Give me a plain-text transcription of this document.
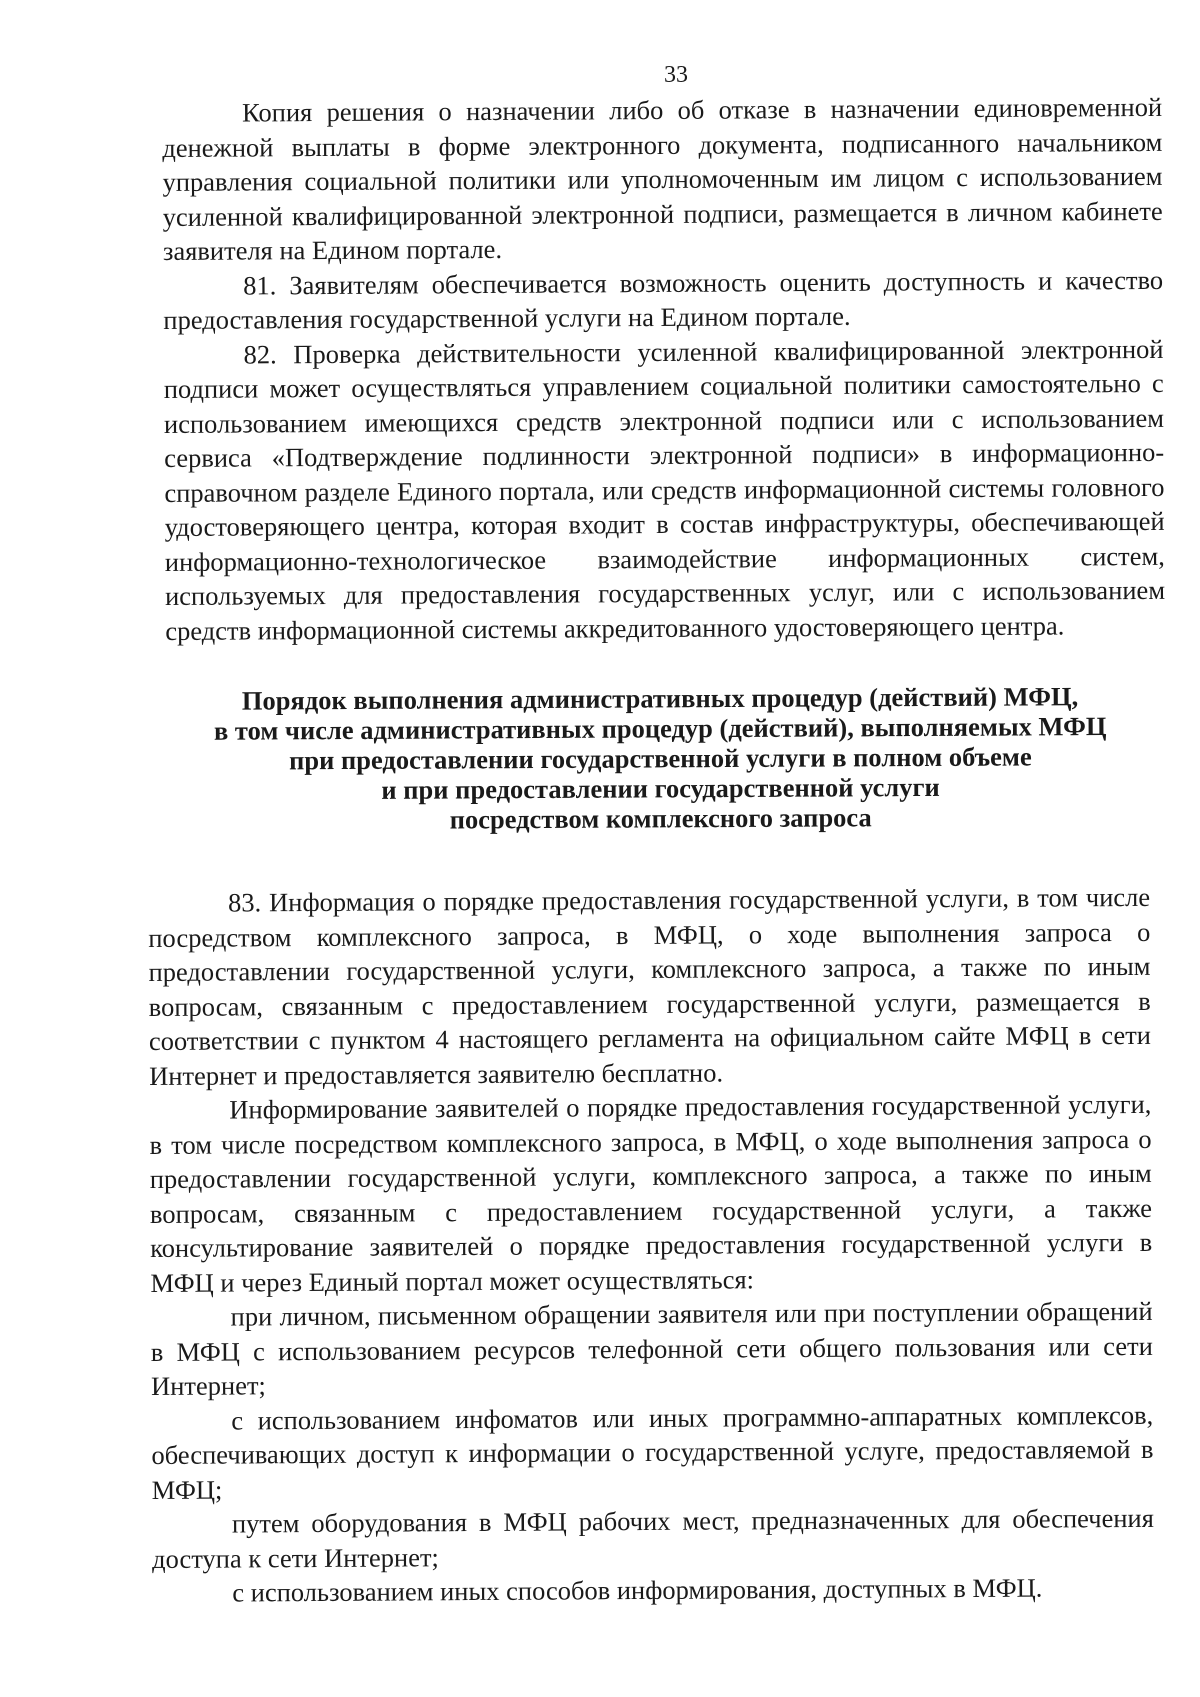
33

Копия решения о назначении либо об отказе в назначении единовременной денежной выплаты в форме электронного документа, подписанного начальником управления социальной политики или уполномоченным им лицом с использованием усиленной квалифицированной электронной подписи, размещается в личном кабинете заявителя на Едином портале.

81. Заявителям обеспечивается возможность оценить доступность и качество предоставления государственной услуги на Едином портале.

82. Проверка действительности усиленной квалифицированной электронной подписи может осуществляться управлением социальной политики самостоятельно с использованием имеющихся средств электронной подписи или с использованием сервиса «Подтверждение подлинности электронной подписи» в информационно-справочном разделе Единого портала, или средств информационной системы головного удостоверяющего центра, которая входит в состав инфраструктуры, обеспечивающей информационно-технологическое взаимодействие информационных систем, используемых для предоставления государственных услуг, или с использованием средств информационной системы аккредитованного удостоверяющего центра.

Порядок выполнения административных процедур (действий) МФЦ,
в том числе административных процедур (действий), выполняемых МФЦ
при предоставлении государственной услуги в полном объеме
и при предоставлении государственной услуги
посредством комплексного запроса

83. Информация о порядке предоставления государственной услуги, в том числе посредством комплексного запроса, в МФЦ, о ходе выполнения запроса о предоставлении государственной услуги, комплексного запроса, а также по иным вопросам, связанным с предоставлением государственной услуги, размещается в соответствии с пунктом 4 настоящего регламента на официальном сайте МФЦ в сети Интернет и предоставляется заявителю бесплатно.

Информирование заявителей о порядке предоставления государственной услуги, в том числе посредством комплексного запроса, в МФЦ, о ходе выполнения запроса о предоставлении государственной услуги, комплексного запроса, а также по иным вопросам, связанным с предоставлением государственной услуги, а также консультирование заявителей о порядке предоставления государственной услуги в МФЦ и через Единый портал может осуществляться:

при личном, письменном обращении заявителя или при поступлении обращений в МФЦ с использованием ресурсов телефонной сети общего пользования или сети Интернет;

с использованием инфоматов или иных программно-аппаратных комплексов, обеспечивающих доступ к информации о государственной услуге, предоставляемой в МФЦ;

путем оборудования в МФЦ рабочих мест, предназначенных для обеспечения доступа к сети Интернет;

с использованием иных способов информирования, доступных в МФЦ.
